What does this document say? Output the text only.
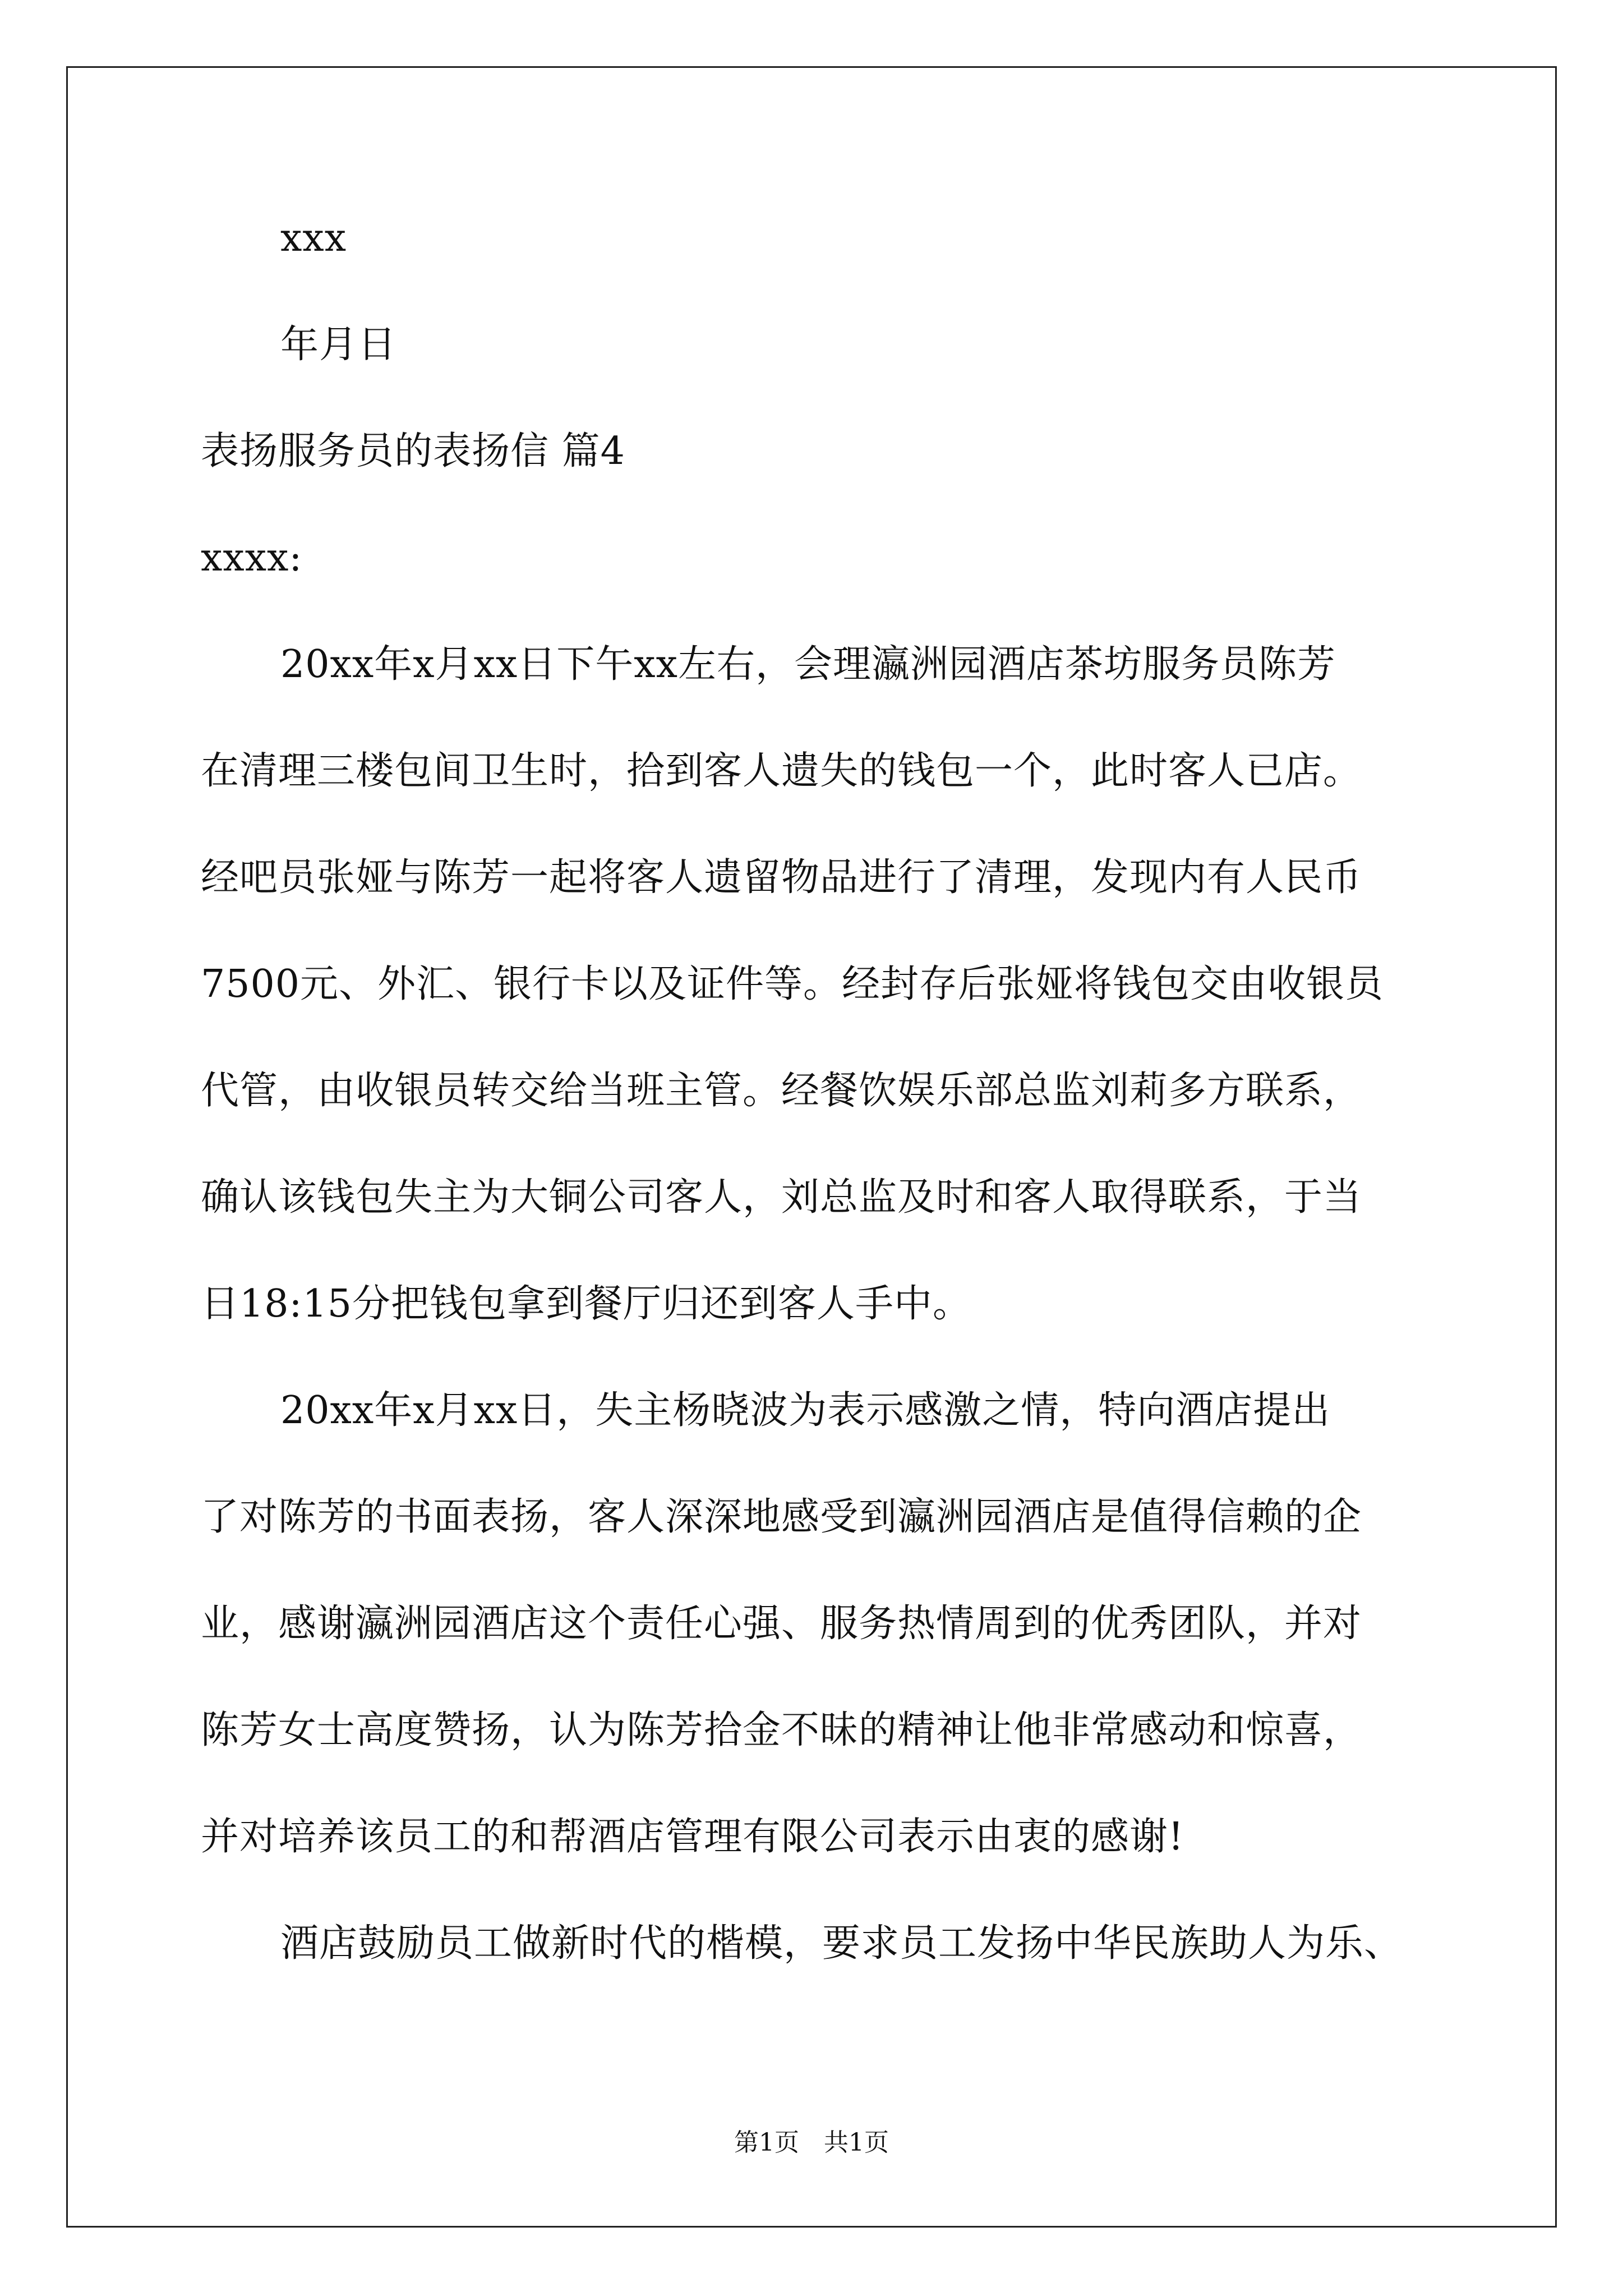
xxx
年月日
表扬服务员的表扬信 篇4
xxxx:
20xx年x月xx日下午xx左右，会理瀛洲园酒店茶坊服务员陈芳
在清理三楼包间卫生时，拾到客人遗失的钱包一个，此时客人已店。
经吧员张娅与陈芳一起将客人遗留物品进行了清理，发现内有人民币
7500元、外汇、银行卡以及证件等。经封存后张娅将钱包交由收银员
代管，由收银员转交给当班主管。经餐饮娱乐部总监刘莉多方联系，
确认该钱包失主为大铜公司客人，刘总监及时和客人取得联系，于当
日18:15分把钱包拿到餐厅归还到客人手中。
20xx年x月xx日，失主杨晓波为表示感激之情，特向酒店提出
了对陈芳的书面表扬，客人深深地感受到瀛洲园酒店是值得信赖的企
业，感谢瀛洲园酒店这个责任心强、服务热情周到的优秀团队，并对
陈芳女士高度赞扬，认为陈芳拾金不昧的精神让他非常感动和惊喜，
并对培养该员工的和帮酒店管理有限公司表示由衷的感谢!
酒店鼓励员工做新时代的楷模，要求员工发扬中华民族助人为乐、
第1页　共1页
